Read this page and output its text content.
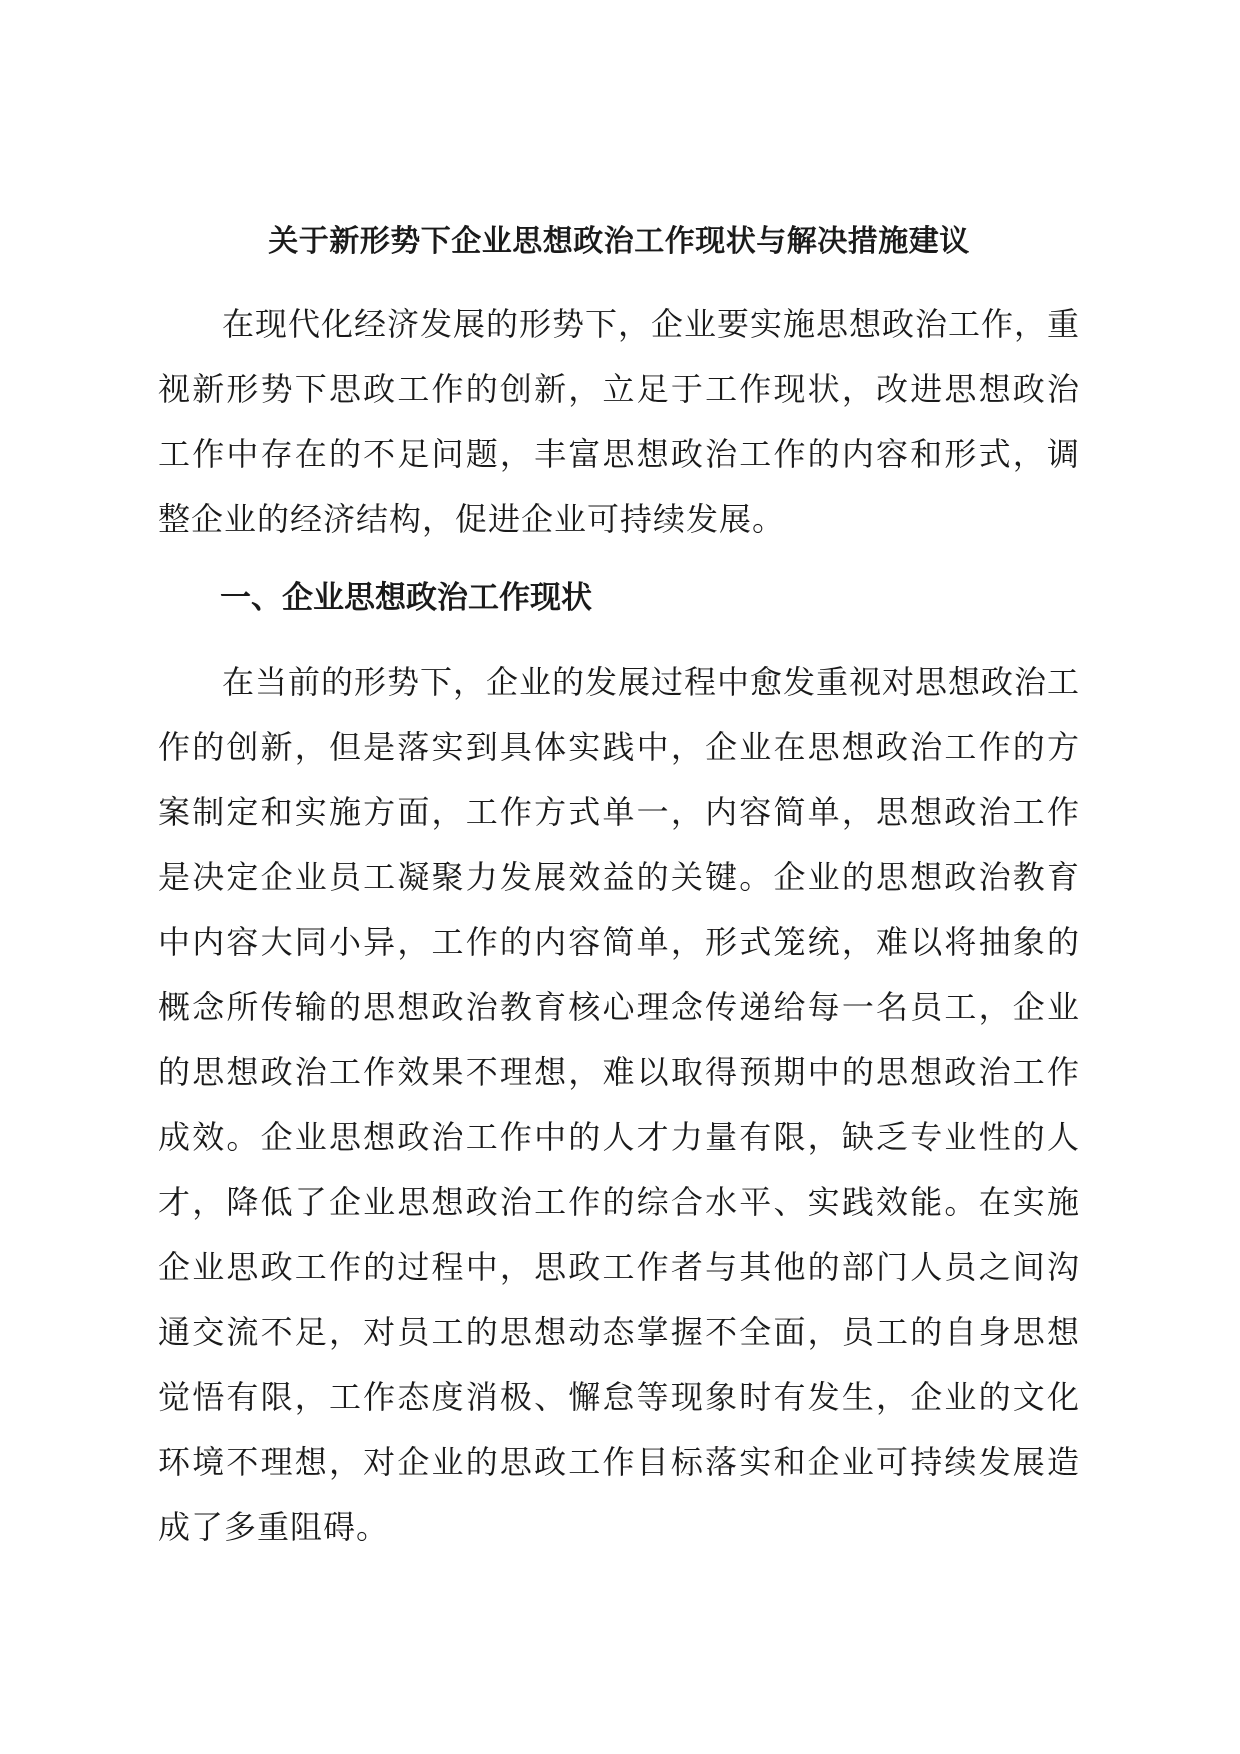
关于新形势下企业思想政治工作现状与解决措施建议

在现代化经济发展的形势下，企业要实施思想政治工作，重视新形势下思政工作的创新，立足于工作现状，改进思想政治工作中存在的不足问题，丰富思想政治工作的内容和形式，调整企业的经济结构，促进企业可持续发展。

一、企业思想政治工作现状

在当前的形势下，企业的发展过程中愈发重视对思想政治工作的创新，但是落实到具体实践中，企业在思想政治工作的方案制定和实施方面，工作方式单一，内容简单，思想政治工作是决定企业员工凝聚力发展效益的关键。企业的思想政治教育中内容大同小异，工作的内容简单，形式笼统，难以将抽象的概念所传输的思想政治教育核心理念传递给每一名员工，企业的思想政治工作效果不理想，难以取得预期中的思想政治工作成效。企业思想政治工作中的人才力量有限，缺乏专业性的人才，降低了企业思想政治工作的综合水平、实践效能。在实施企业思政工作的过程中，思政工作者与其他的部门人员之间沟通交流不足，对员工的思想动态掌握不全面，员工的自身思想觉悟有限，工作态度消极、懈怠等现象时有发生，企业的文化环境不理想，对企业的思政工作目标落实和企业可持续发展造成了多重阻碍。
